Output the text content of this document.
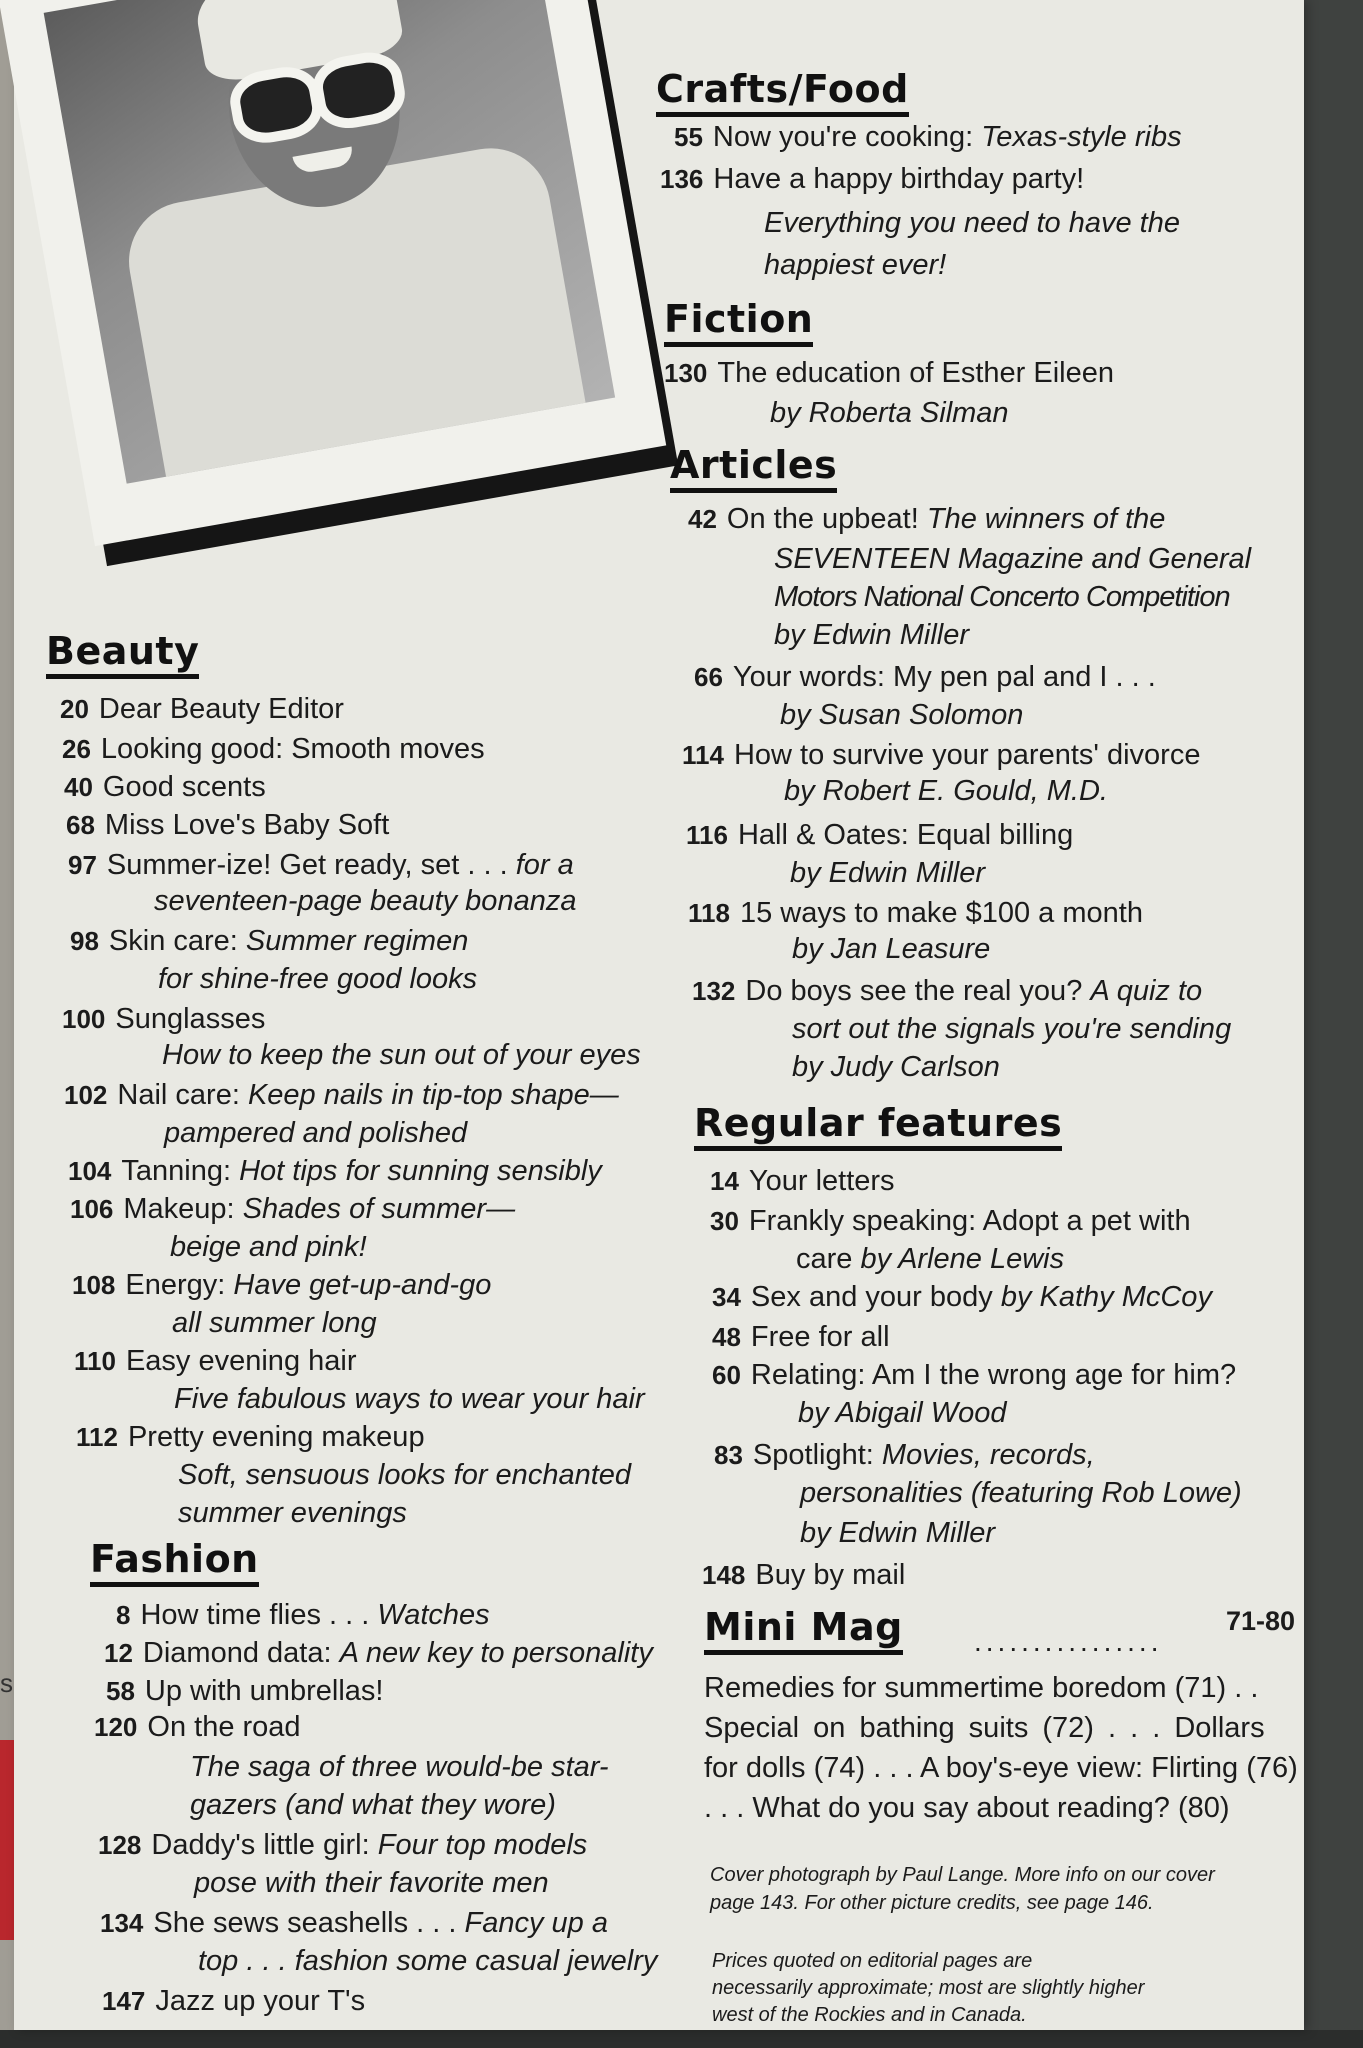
s
Crafts/Food
55 Now you're cooking: Texas-style ribs
136 Have a happy birthday party!
Everything you need to have the
happiest ever!
Fiction
130 The education of Esther Eileen
by Roberta Silman
Articles
42 On the upbeat! The winners of the
SEVENTEEN Magazine and General
Motors National Concerto Competition
by Edwin Miller
66 Your words: My pen pal and I . . .
by Susan Solomon
114 How to survive your parents' divorce
by Robert E. Gould, M.D.
116 Hall & Oates: Equal billing
by Edwin Miller
118 15 ways to make $100 a month
by Jan Leasure
132 Do boys see the real you? A quiz to
sort out the signals you're sending
by Judy Carlson
Regular features
14 Your letters
30 Frankly speaking: Adopt a pet with
care by Arlene Lewis
34 Sex and your body by Kathy McCoy
48 Free for all
60 Relating: Am I the wrong age for him?
by Abigail Wood
83 Spotlight: Movies, records,
personalities (featuring Rob Lowe)
by Edwin Miller
148 Buy by mail
Mini Mag	................
71-80
Remedies for summertime boredom (71) . .
Special on bathing suits (72) . . . Dollars
for dolls (74) . . . A boy's-eye view: Flirting (76)
. . . What do you say about reading? (80)
Cover photograph by Paul Lange. More info on our cover
page 143. For other picture credits, see page 146.
Prices quoted on editorial pages are
necessarily approximate; most are slightly higher
west of the Rockies and in Canada.
Beauty
20 Dear Beauty Editor
26 Looking good: Smooth moves
40 Good scents
68 Miss Love's Baby Soft
97 Summer-ize! Get ready, set . . . for a
seventeen-page beauty bonanza
98 Skin care: Summer regimen
for shine-free good looks
100 Sunglasses
How to keep the sun out of your eyes
102 Nail care: Keep nails in tip-top shape—
pampered and polished
104 Tanning: Hot tips for sunning sensibly
106 Makeup: Shades of summer—
beige and pink!
108 Energy: Have get-up-and-go
all summer long
110 Easy evening hair
Five fabulous ways to wear your hair
112 Pretty evening makeup
Soft, sensuous looks for enchanted
summer evenings
Fashion
8 How time flies . . . Watches
12 Diamond data: A new key to personality
58 Up with umbrellas!
120 On the road
The saga of three would-be star-
gazers (and what they wore)
128 Daddy's little girl: Four top models
pose with their favorite men
134 She sews seashells . . . Fancy up a
top . . . fashion some casual jewelry
147 Jazz up your T's
